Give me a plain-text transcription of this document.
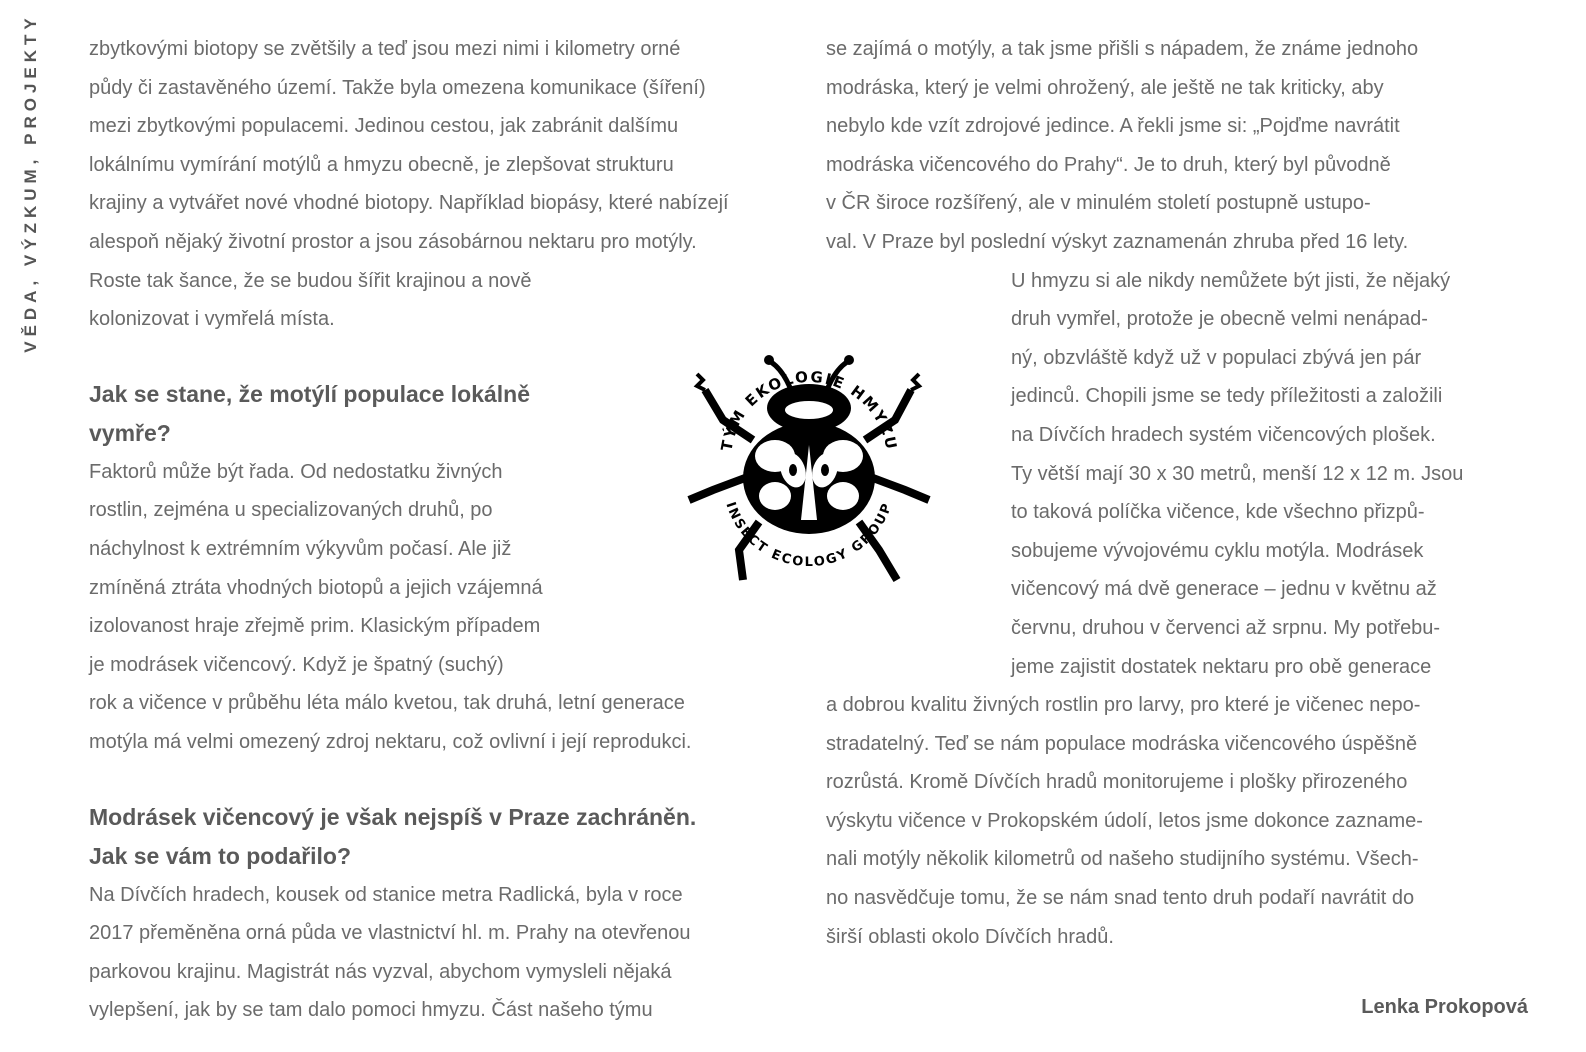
VĚDA, VÝZKUM, PROJEKTY zbytkovými biotopy se zvětšily a teď jsou mezi nimi i kilometry orné
půdy či zastavěného území. Takže byla omezena komunikace (šíření)
mezi zbytkovými populacemi. Jedinou cestou, jak zabránit dalšímu
lokálnímu vymírání motýlů a hmyzu obecně, je zlepšovat strukturu
krajiny a vytvářet nové vhodné biotopy. Například biopásy, které nabízejí
alespoň nějaký životní prostor a jsou zásobárnou nektaru pro motýly.
Roste tak šance, že se budou šířit krajinou a nově
kolonizovat i vymřelá místa.

Jak se stane, že motýlí populace lokálně
vymře?

Faktorů může být řada. Od nedostatku živných
rostlin, zejména u specializovaných druhů, po
náchylnost k extrémním výkyvům počasí. Ale již
zmíněná ztráta vhodných biotopů a jejich vzájemná
izolovanost hraje zřejmě prim. Klasickým případem
je modrásek vičencový. Když je špatný (suchý)
rok a vičence v průběhu léta málo kvetou, tak druhá, letní generace
motýla má velmi omezený zdroj nektaru, což ovlivní i její reprodukci.

Modrásek vičencový je však nejspíš v Praze zachráněn.
Jak se vám to podařilo?

Na Dívčích hradech, kousek od stanice metra Radlická, byla v roce
2017 přeměněna orná půda ve vlastnictví hl. m. Prahy na otevřenou
parkovou krajinu. Magistrát nás vyzval, abychom vymysleli nějaká
vylepšení, jak by se tam dalo pomoci hmyzu. Část našeho týmu

se zajímá o motýly, a tak jsme přišli s nápadem, že známe jednoho
modráska, který je velmi ohrožený, ale ještě ne tak kriticky, aby
nebylo kde vzít zdrojové jedince. A řekli jsme si: „Pojďme navrátit
modráska vičencového do Prahy“. Je to druh, který byl původně
v ČR široce rozšířený, ale v minulém století postupně ustupo-
val. V Praze byl poslední výskyt zaznamenán zhruba před 16 lety.

U hmyzu si ale nikdy nemůžete být jisti, že nějaký
druh vymřel, protože je obecně velmi nenápad-
ný, obzvláště když už v populaci zbývá jen pár
jedinců. Chopili jsme se tedy příležitosti a založili
na Dívčích hradech systém vičencových plošek.
Ty větší mají 30 x 30 metrů, menší 12 x 12 m. Jsou
to taková políčka vičence, kde všechno přizpů-
sobujeme vývojovému cyklu motýla. Modrásek
vičencový má dvě generace – jednu v květnu až
červnu, druhou v červenci až srpnu. My potřebu-
jeme zajistit dostatek nektaru pro obě generace
a dobrou kvalitu živných rostlin pro larvy, pro které je vičenec nepo-
stradatelný. Teď se nám populace modráska vičencového úspěšně
rozrůstá. Kromě Dívčích hradů monitorujeme i plošky přirozeného
výskytu vičence v Prokopském údolí, letos jsme dokonce zazname-
nali motýly několik kilometrů od našeho studijního systému. Všech-
no nasvědčuje tomu, že se nám snad tento druh podaří navrátit do
širší oblasti okolo Dívčích hradů.

TÝM EKOLOGIE HMYZU
INSECT ECOLOGY GROUP
Lenka Prokopová
